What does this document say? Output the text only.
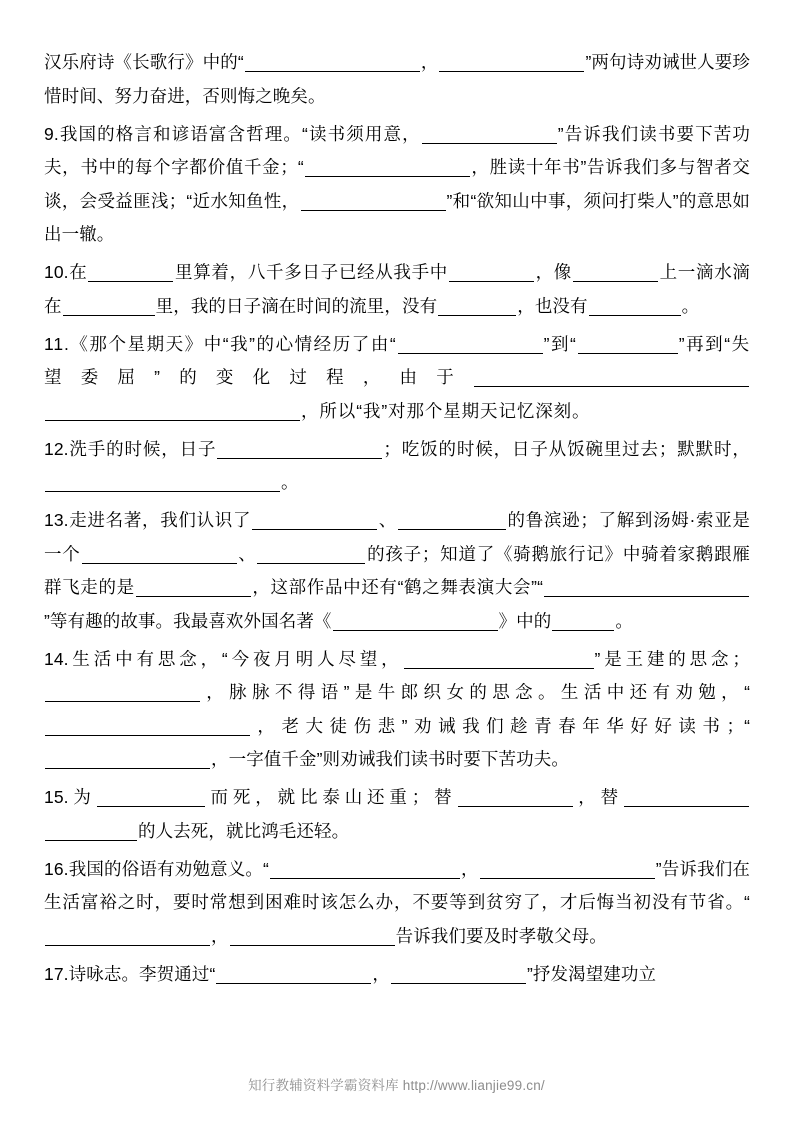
汉乐府诗《长歌行》中的“	，	”两句诗劝诫世人要珍惜时间、努力奋进，否则悔之晚矣。

9.我国的格言和谚语富含哲理。“读书须用意，	”告诉我们读书要下苦功夫，书中的每个字都价值千金；“	，胜读十年书”告诉我们多与智者交谈，会受益匪浅；“近水知鱼性，	”和“欲知山中事，须问打柴人”的意思如出一辙。

10.在	里算着，八千多日子已经从我手中	，像	上一滴水滴在	里，我的日子滴在时间的流里，没有	，也没有	。

11.《那个星期天》中“我”的心情经历了由“	”到“	”再到“失望委屈”的变化过程，由于，所以“我”对那个星期天记忆深刻。

12.洗手的时候，日子	；吃饭的时候，日子从饭碗里过去；默默时，。

13.走进名著，我们认识了	、	的鲁滨逊；了解到汤姆·索亚是一个	、	的孩子；知道了《骑鹅旅行记》中骑着家鹅跟雁群飞走的是	，这部作品中还有“鹤之舞表演大会”“”等有趣的故事。我最喜欢外国名著《	》中的	。

14.生活中有思念，“今夜月明人尽望，	”是王建的思念；，脉脉不得语”是牛郎织女的思念。生活中还有劝勉，“，老大徒伤悲”劝诫我们趁青春年华好好读书；“，一字值千金”则劝诫我们读书时要下苦功夫。

15.为	而死，就比泰山还重；替	，替的人去死，就比鸿毛还轻。

16.我国的俗语有劝勉意义。“	，	”告诉我们在生活富裕之时，要时常想到困难时该怎么办，不要等到贫穷了，才后悔当初没有节省。“，	告诉我们要及时孝敬父母。

17.诗咏志。李贺通过“	，	”抒发渴望建功立

知行教辅资料学霸资料库 http://www.lianjie99.cn/
